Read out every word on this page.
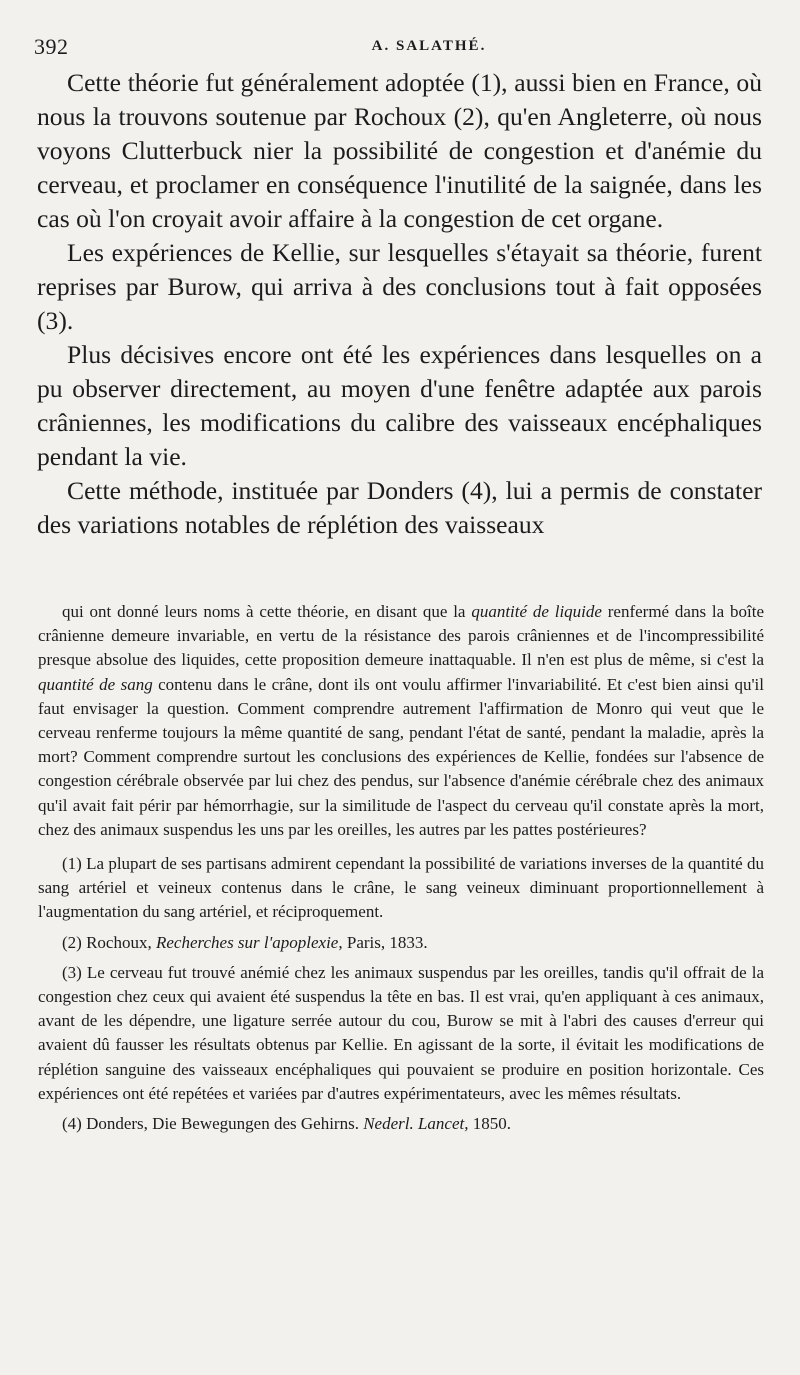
392	A. SALATHÉ.

Cette théorie fut généralement adoptée (1), aussi bien en France, où nous la trouvons soutenue par Rochoux (2), qu'en Angleterre, où nous voyons Clutterbuck nier la possibilité de congestion et d'anémie du cerveau, et proclamer en conséquence l'inutilité de la saignée, dans les cas où l'on croyait avoir affaire à la congestion de cet organe.

Les expériences de Kellie, sur lesquelles s'étayait sa théorie, furent reprises par Burow, qui arriva à des conclusions tout à fait opposées (3).

Plus décisives encore ont été les expériences dans lesquelles on a pu observer directement, au moyen d'une fenêtre adaptée aux parois crâniennes, les modifications du calibre des vaisseaux encéphaliques pendant la vie.

Cette méthode, instituée par Donders (4), lui a permis de constater des variations notables de réplétion des vaisseaux

qui ont donné leurs noms à cette théorie, en disant que la quantité de liquide renfermé dans la boîte crânienne demeure invariable, en vertu de la résistance des parois crâniennes et de l'incompressibilité presque absolue des liquides, cette proposition demeure inattaquable. Il n'en est plus de même, si c'est la quantité de sang contenu dans le crâne, dont ils ont voulu affirmer l'invariabilité. Et c'est bien ainsi qu'il faut envisager la question. Comment comprendre autrement l'affirmation de Monro qui veut que le cerveau renferme toujours la même quantité de sang, pendant l'état de santé, pendant la maladie, après la mort? Comment comprendre surtout les conclusions des expériences de Kellie, fondées sur l'absence de congestion cérébrale observée par lui chez des pendus, sur l'absence d'anémie cérébrale chez des animaux qu'il avait fait périr par hémorrhagie, sur la similitude de l'aspect du cerveau qu'il constate après la mort, chez des animaux suspendus les uns par les oreilles, les autres par les pattes postérieures?

(1) La plupart de ses partisans admirent cependant la possibilité de variations inverses de la quantité du sang artériel et veineux contenus dans le crâne, le sang veineux diminuant proportionnellement à l'augmentation du sang artériel, et réciproquement.

(2) Rochoux, Recherches sur l'apoplexie, Paris, 1833.

(3) Le cerveau fut trouvé anémié chez les animaux suspendus par les oreilles, tandis qu'il offrait de la congestion chez ceux qui avaient été suspendus la tête en bas. Il est vrai, qu'en appliquant à ces animaux, avant de les dépendre, une ligature serrée autour du cou, Burow se mit à l'abri des causes d'erreur qui avaient dû fausser les résultats obtenus par Kellie. En agissant de la sorte, il évitait les modifications de réplétion sanguine des vaisseaux encéphaliques qui pouvaient se produire en position horizontale. Ces expériences ont été repétées et variées par d'autres expérimentateurs, avec les mêmes résultats.

(4) Donders, Die Bewegungen des Gehirns. Nederl. Lancet, 1850.
